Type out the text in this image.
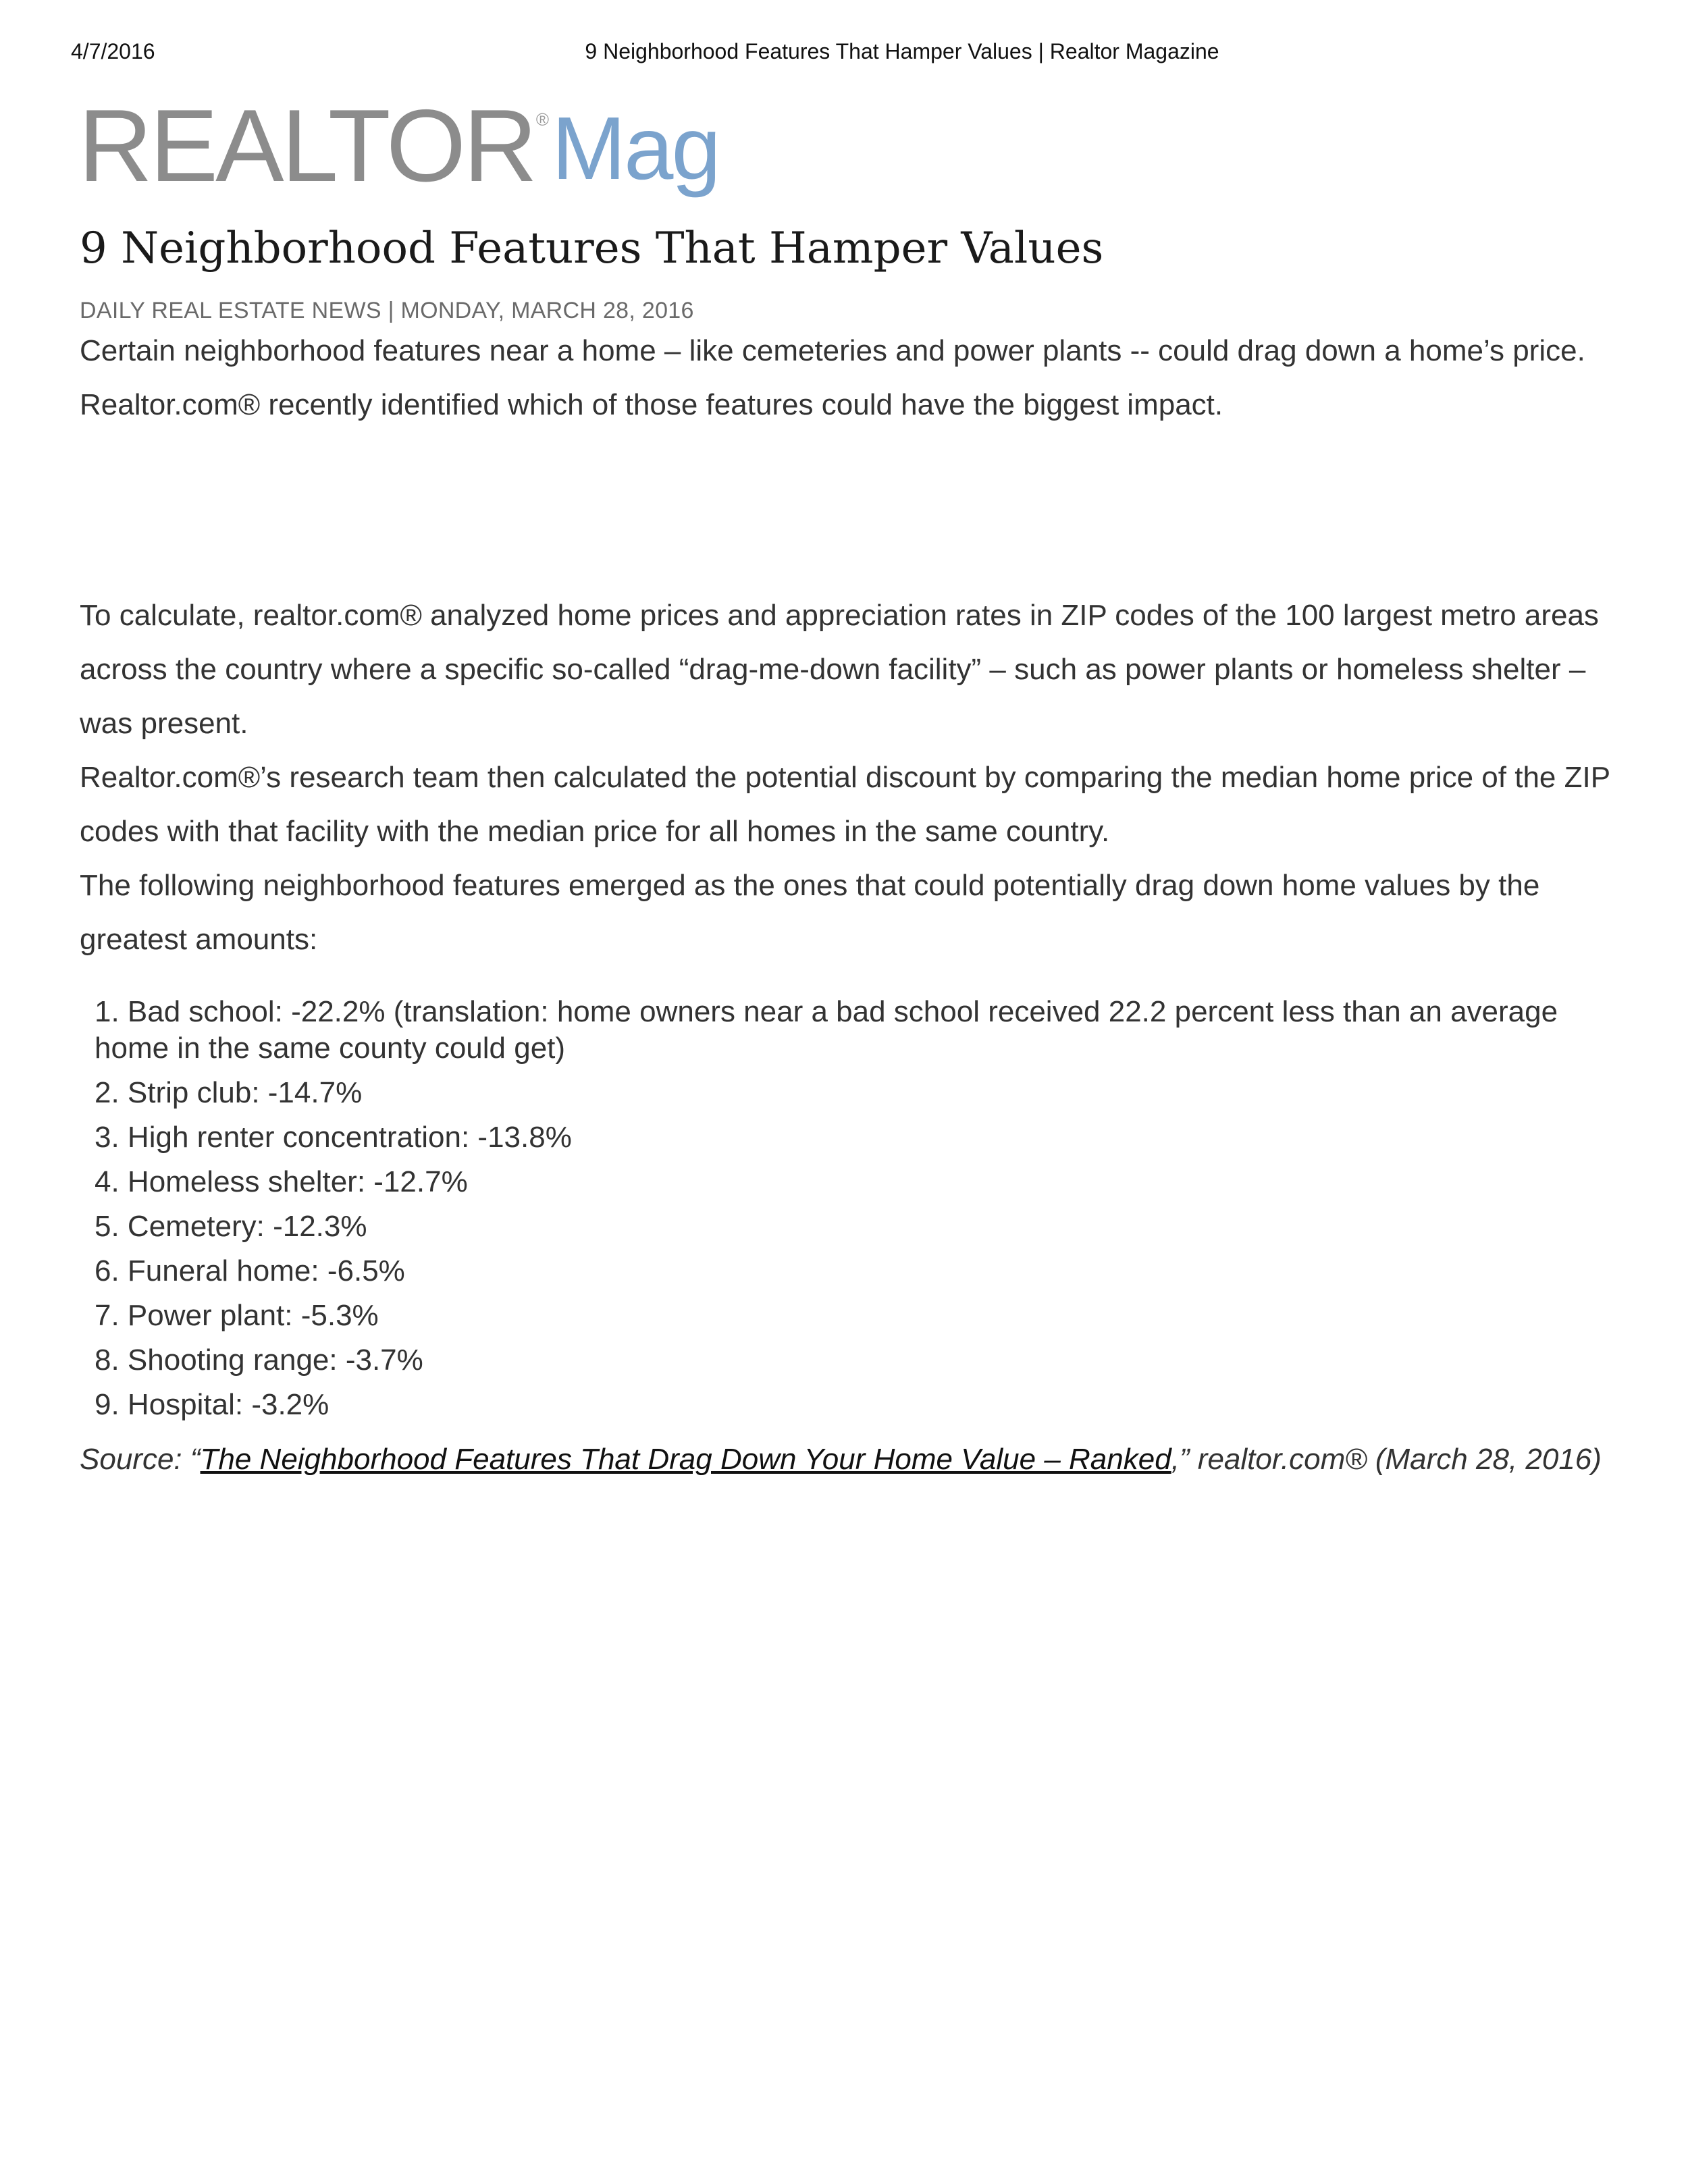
4/7/2016	9 Neighborhood Features That Hamper Values | Realtor Magazine
REALTOR®Mag
9 Neighborhood Features That Hamper Values
DAILY REAL ESTATE NEWS | MONDAY, MARCH 28, 2016

Certain neighborhood features near a home – like cemeteries and power plants -- could drag down a home’s price. Realtor.com® recently identified which of those features could have the biggest impact.

To calculate, realtor.com® analyzed home prices and appreciation rates in ZIP codes of the 100 largest metro areas across the country where a specific so-called “drag-me-down facility” – such as power plants or homeless shelter – was present.

Realtor.com®’s research team then calculated the potential discount by comparing the median home price of the ZIP codes with that facility with the median price for all homes in the same country.

The following neighborhood features emerged as the ones that could potentially drag down home values by the greatest amounts:

1. Bad school: -22.2% (translation: home owners near a bad school received 22.2 percent less than an average home in the same county could get)
2. Strip club: -14.7%
3. High renter concentration: -13.8%
4. Homeless shelter: -12.7%
5. Cemetery: -12.3%
6. Funeral home: -6.5%
7. Power plant: -5.3%
8. Shooting range: -3.7%
9. Hospital: -3.2%
Source: “The Neighborhood Features That Drag Down Your Home Value – Ranked,” realtor.com® (March 28, 2016)
